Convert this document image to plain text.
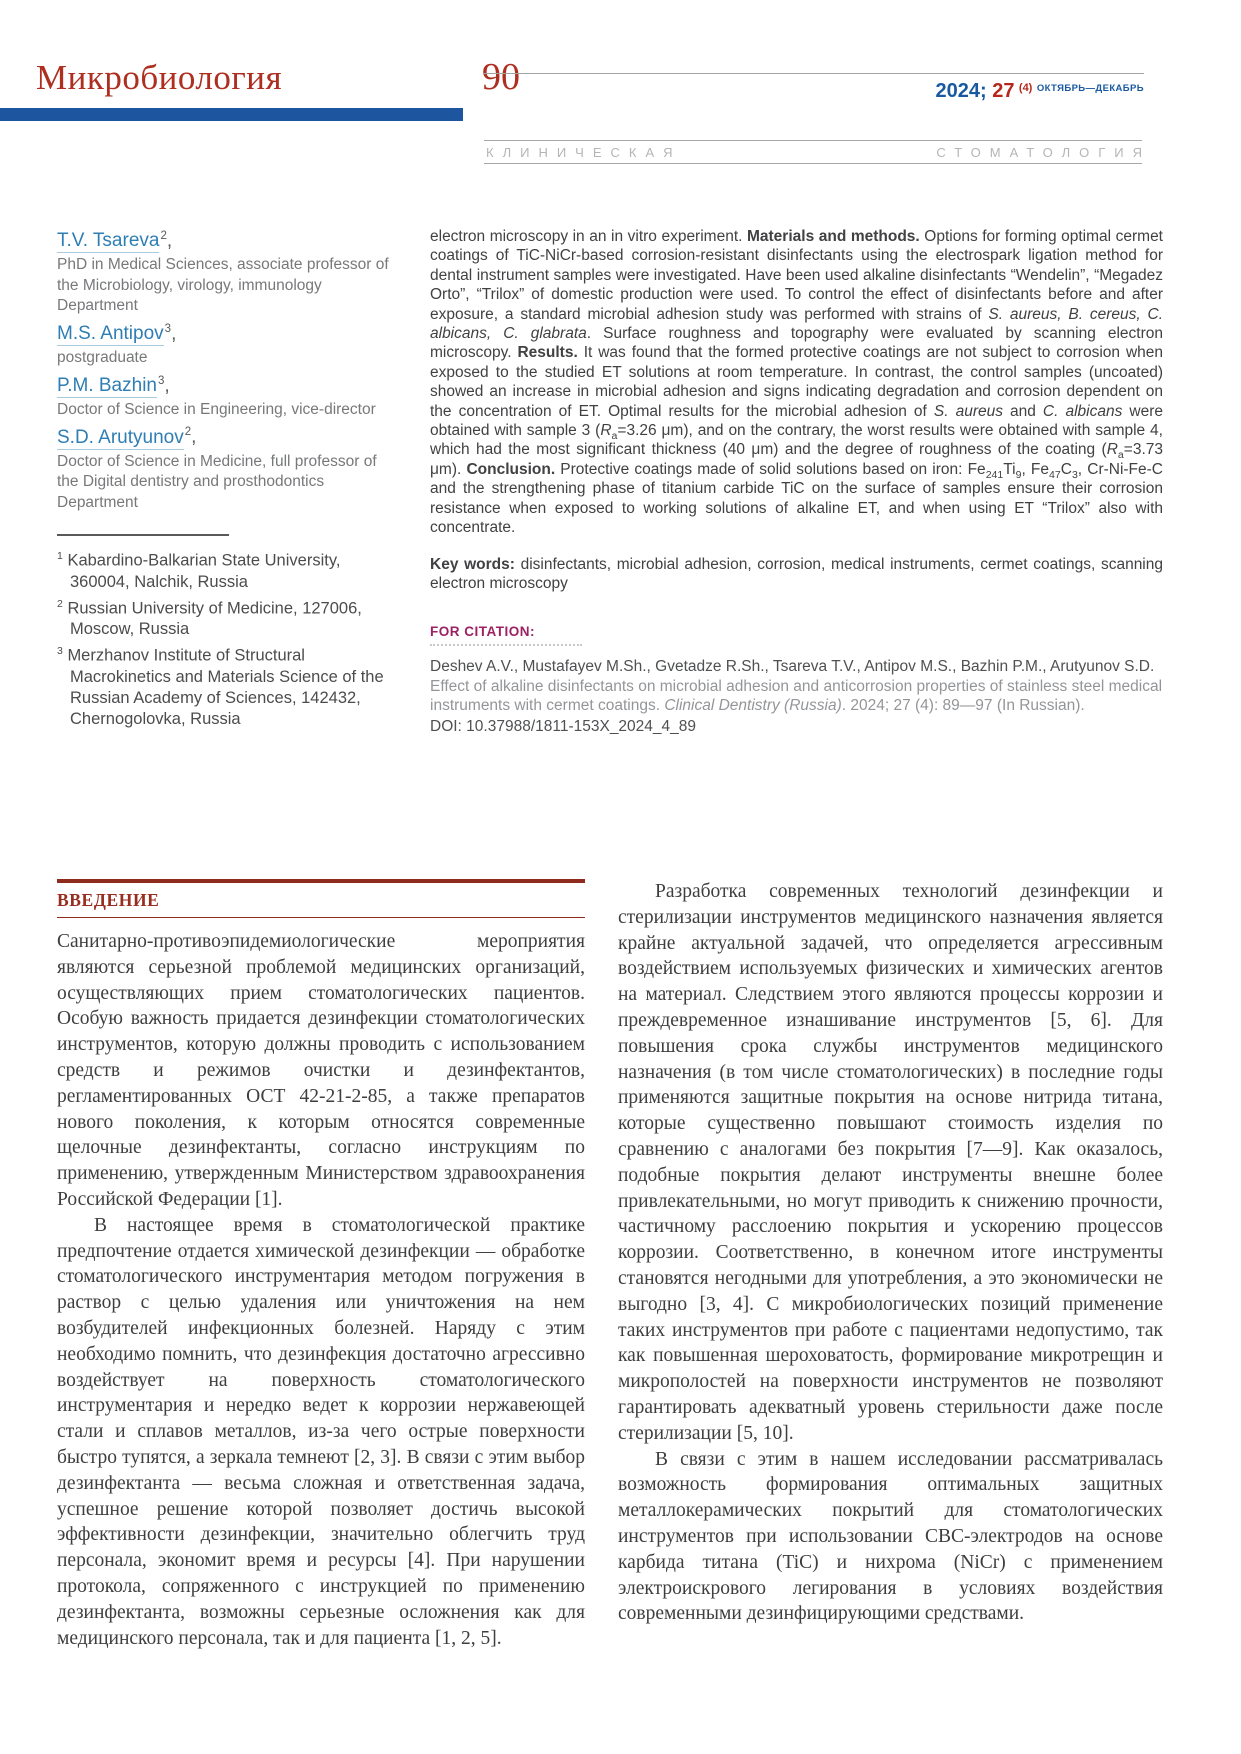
Микробиология	90	2024; 27 (4) ОКТЯБРЬ—ДЕКАБРЬ
КЛИНИЧЕСКАЯ	СТОМАТОЛОГИЯ
T.V. Tsareva$^2$,
PhD in Medical Sciences, associate professor of the Microbiology, virology, immunology Department
M.S. Antipov$^3$,
postgraduate
P.M. Bazhin$^3$,
Doctor of Science in Engineering, vice-director
S.D. Arutyunov$^2$,
Doctor of Science in Medicine, full professor of the Digital dentistry and prosthodontics Department
$^1$ Kabardino-Balkarian State University, 360004, Nalchik, Russia
$^2$ Russian University of Medicine, 127006, Moscow, Russia
$^3$ Merzhanov Institute of Structural Macrokinetics and Materials Science of the Russian Academy of Sciences, 142432, Chernogolovka, Russia

electron microscopy in an in vitro experiment. Materials and methods. Options for forming optimal cermet coatings of TiC-NiCr-based corrosion-resistant disinfectants using the electrospark ligation method for dental instrument samples were investigated. Have been used alkaline disinfectants “Wendelin”, “Megadez Orto”, “Trilox” of domestic production were used. To control the effect of disinfectants before and after exposure, a standard microbial adhesion study was performed with strains of S. aureus, B. cereus, C. albicans, C. glabrata. Surface roughness and topography were evaluated by scanning electron microscopy. Results. It was found that the formed protective coatings are not subject to corrosion when exposed to the studied ET solutions at room temperature. In contrast, the control samples (uncoated) showed an increase in microbial adhesion and signs indicating degradation and corrosion dependent on the concentration of ET. Optimal results for the microbial adhesion of S. aureus and C. albicans were obtained with sample 3 ($R_a=3.26$ μm), and on the contrary, the worst results were obtained with sample 4, which had the most significant thickness (40 μm) and the degree of roughness of the coating ($R_a=3.73$ μm). Conclusion. Protective coatings made of solid solutions based on iron: $Fe_{241}Ti_9$, $Fe_{47}C_3$, Cr-Ni-Fe-C and the strengthening phase of titanium carbide TiC on the surface of samples ensure their corrosion resistance when exposed to working solutions of alkaline ET, and when using ET “Trilox” also with concentrate.

Key words: disinfectants, microbial adhesion, corrosion, medical instruments, cermet coatings, scanning electron microscopy

FOR CITATION:

Deshev A.V., Mustafayev M.Sh., Gvetadze R.Sh., Tsareva T.V., Antipov M.S., Bazhin P.M., Arutyunov S.D. Effect of alkaline disinfectants on microbial adhesion and anticorrosion properties of stainless steel medical instruments with cermet coatings. Clinical Dentistry (Russia). 2024; 27 (4): 89—97 (In Russian).

DOI: 10.37988/1811-153X_2024_4_89
ВВЕДЕНИЕ

Санитарно-противоэпидемиологические мероприятия являются серьезной проблемой медицинских организаций, осуществляющих прием стоматологических пациентов. Особую важность придается дезинфекции стоматологических инструментов, которую должны проводить с использованием средств и режимов очистки и дезинфектантов, регламентированных ОСТ 42-21-2-85, а также препаратов нового поколения, к которым относятся современные щелочные дезинфектанты, согласно инструкциям по применению, утвержденным Министерством здравоохранения Российской Федерации [1].

В настоящее время в стоматологической практике предпочтение отдается химической дезинфекции — обработке стоматологического инструментария методом погружения в раствор с целью удаления или уничтожения на нем возбудителей инфекционных болезней. Наряду с этим необходимо помнить, что дезинфекция достаточно агрессивно воздействует на поверхность стоматологического инструментария и нередко ведет к коррозии нержавеющей стали и сплавов металлов, из-за чего острые поверхности быстро тупятся, а зеркала темнеют [2, 3]. В связи с этим выбор дезинфектанта — весьма сложная и ответственная задача, успешное решение которой позволяет достичь высокой эффективности дезинфекции, значительно облегчить труд персонала, экономит время и ресурсы [4]. При нарушении протокола, сопряженного с инструкцией по применению дезинфектанта, возможны серьезные осложнения как для медицинского персонала, так и для пациента [1, 2, 5].

Разработка современных технологий дезинфекции и стерилизации инструментов медицинского назначения является крайне актуальной задачей, что определяется агрессивным воздействием используемых физических и химических агентов на материал. Следствием этого являются процессы коррозии и преждевременное изнашивание инструментов [5, 6]. Для повышения срока службы инструментов медицинского назначения (в том числе стоматологических) в последние годы применяются защитные покрытия на основе нитрида титана, которые существенно повышают стоимость изделия по сравнению с аналогами без покрытия [7—9]. Как оказалось, подобные покрытия делают инструменты внешне более привлекательными, но могут приводить к снижению прочности, частичному расслоению покрытия и ускорению процессов коррозии. Соответственно, в конечном итоге инструменты становятся негодными для употребления, а это экономически не выгодно [3, 4]. С микробиологических позиций применение таких инструментов при работе с пациентами недопустимо, так как повышенная шероховатость, формирование микротрещин и микрополостей на поверхности инструментов не позволяют гарантировать адекватный уровень стерильности даже после стерилизации [5, 10].

В связи с этим в нашем исследовании рассматривалась возможность формирования оптимальных защитных металлокерамических покрытий для стоматологических инструментов при использовании СВС-электродов на основе карбида титана (TiC) и нихрома (NiCr) с применением электроискрового легирования в условиях воздействия современными дезинфицирующими средствами.
